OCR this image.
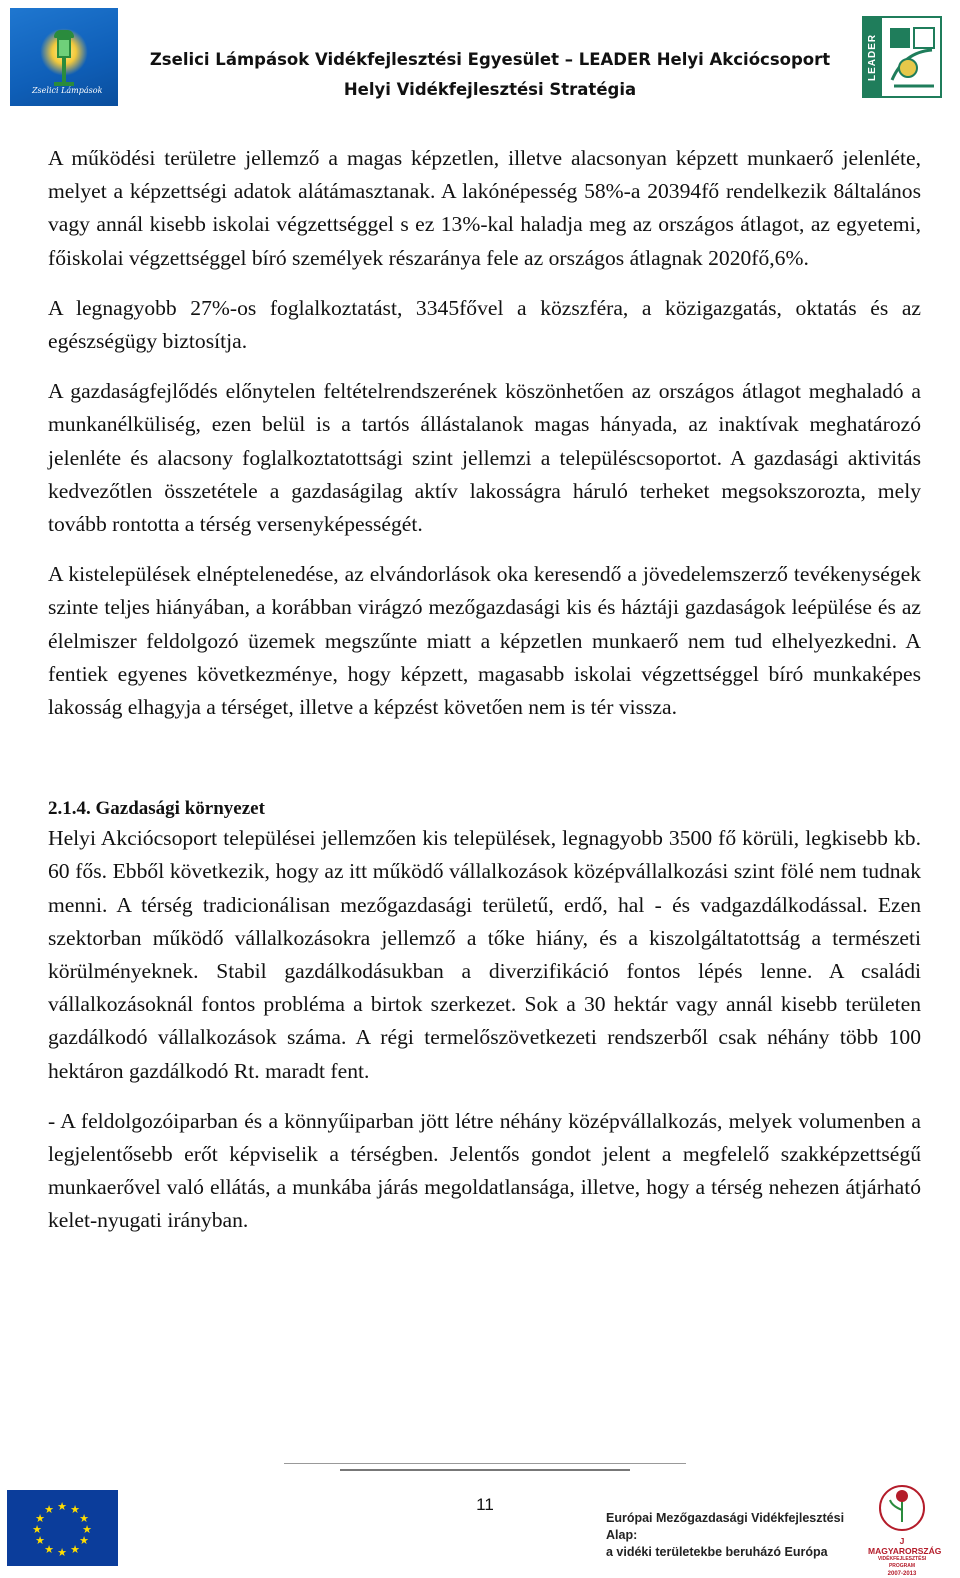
Zselici Lámpások
Zselici Lámpások Vidékfejlesztési Egyesület – LEADER Helyi Akciócsoport
Helyi Vidékfejlesztési Stratégia
LEADER

A működési területre jellemző a magas képzetlen, illetve alacsonyan képzett munkaerő jelenléte, melyet a képzettségi adatok alátámasztanak. A lakónépesség 58%-a 20394fő rendelkezik 8általános vagy annál kisebb iskolai végzettséggel s ez 13%-kal haladja meg az országos átlagot, az egyetemi, főiskolai végzettséggel bíró személyek részaránya fele az országos átlagnak 2020fő,6%.

A legnagyobb 27%-os foglalkoztatást, 3345fővel a közszféra, a közigazgatás, oktatás és az egészségügy biztosítja.

A gazdaságfejlődés előnytelen feltételrendszerének köszönhetően az országos átlagot meghaladó a munkanélküliség, ezen belül is a tartós állástalanok magas hányada, az inaktívak meghatározó jelenléte és alacsony foglalkoztatottsági szint jellemzi a településcsoportot. A gazdasági aktivitás kedvezőtlen összetétele a gazdaságilag aktív lakosságra háruló terheket megsokszorozta, mely tovább rontotta a térség versenyképességét.

A kistelepülések elnéptelenedése, az elvándorlások oka keresendő a jövedelemszerző tevékenységek szinte teljes hiányában, a korábban virágzó mezőgazdasági kis és háztáji gazdaságok leépülése és az élelmiszer feldolgozó üzemek megszűnte miatt a képzetlen munkaerő nem tud elhelyezkedni. A fentiek egyenes következménye, hogy képzett, magasabb iskolai végzettséggel bíró munkaképes lakosság elhagyja a térséget, illetve a képzést követően nem is tér vissza.

2.1.4. Gazdasági környezet

Helyi Akciócsoport települései jellemzően kis települések, legnagyobb 3500 fő körüli, legkisebb kb. 60 fős. Ebből következik, hogy az itt működő vállalkozások középvállalkozási szint fölé nem tudnak menni. A térség tradicionálisan mezőgazdasági területű, erdő, hal - és vadgazdálkodással. Ezen szektorban működő vállalkozásokra jellemző a tőke hiány, és a kiszolgáltatottság a természeti körülményeknek. Stabil gazdálkodásukban a diverzifikáció fontos lépés lenne. A családi vállalkozásoknál fontos probléma a birtok szerkezet. Sok a 30 hektár vagy annál kisebb területen gazdálkodó vállalkozások száma. A régi termelőszövetkezeti rendszerből csak néhány több 100 hektáron gazdálkodó Rt. maradt fent.

- A feldolgozóiparban és a könnyűiparban jött létre néhány középvállalkozás, melyek volumenben a legjelentősebb erőt képviselik a térségben. Jelentős gondot jelent a megfelelő szakképzettségű munkaerővel való ellátás, a munkába járás megoldatlansága, illetve, hogy a térség nehezen átjárható kelet-nyugati irányban.

★ ★
★
★
★
★
★
★
★
★
★
★	11
Európai Mezőgazdasági Vidékfejlesztési Alap:
a vidéki területekbe beruházó Európa
J MAGYARORSZÁG
VIDÉKFEJLESZTÉSI PROGRAM
2007-2013
